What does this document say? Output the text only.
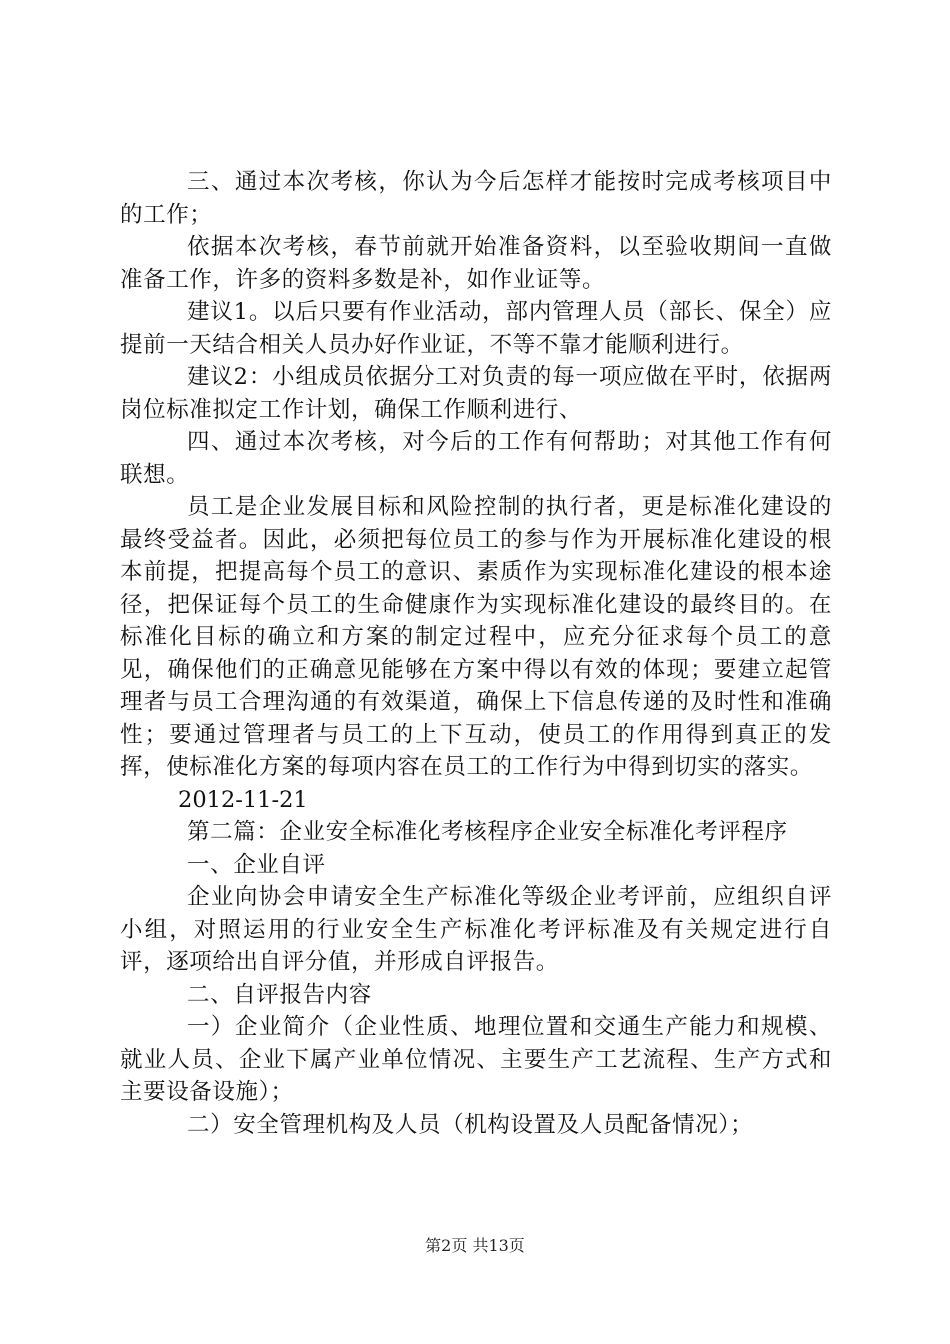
三、通过本次考核，你认为今后怎样才能按时完成考核项目中的工作；

依据本次考核，春节前就开始准备资料，以至验收期间一直做准备工作，许多的资料多数是补，如作业证等。

建议1。以后只要有作业活动，部内管理人员（部长、保全）应提前一天结合相关人员办好作业证，不等不靠才能顺利进行。

建议2：小组成员依据分工对负责的每一项应做在平时，依据两岗位标准拟定工作计划，确保工作顺利进行、

四、通过本次考核，对今后的工作有何帮助；对其他工作有何联想。

员工是企业发展目标和风险控制的执行者，更是标准化建设的最终受益者。因此，必须把每位员工的参与作为开展标准化建设的根本前提，把提高每个员工的意识、素质作为实现标准化建设的根本途径，把保证每个员工的生命健康作为实现标准化建设的最终目的。在标准化目标的确立和方案的制定过程中，应充分征求每个员工的意见，确保他们的正确意见能够在方案中得以有效的体现；要建立起管理者与员工合理沟通的有效渠道，确保上下信息传递的及时性和准确性；要通过管理者与员工的上下互动，使员工的作用得到真正的发挥，使标准化方案的每项内容在员工的工作行为中得到切实的落实。

2012-11-21

第二篇：企业安全标准化考核程序企业安全标准化考评程序

一、企业自评

企业向协会申请安全生产标准化等级企业考评前，应组织自评小组，对照运用的行业安全生产标准化考评标准及有关规定进行自评，逐项给出自评分值，并形成自评报告。

二、自评报告内容

一）企业简介（企业性质、地理位置和交通生产能力和规模、就业人员、企业下属产业单位情况、主要生产工艺流程、生产方式和主要设备设施）；

二）安全管理机构及人员（机构设置及人员配备情况）；

第2页 共13页
